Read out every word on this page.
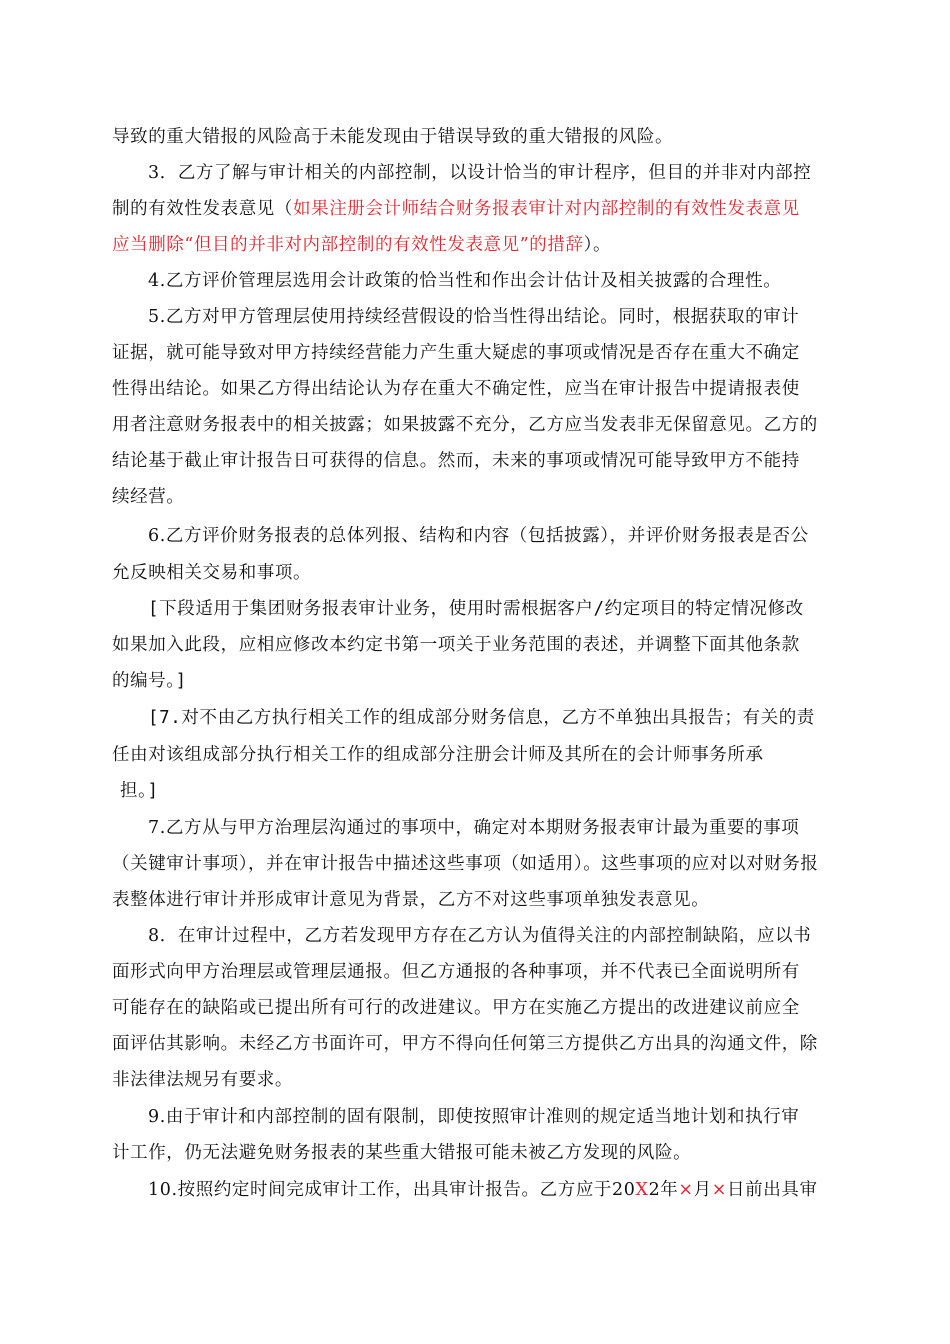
导致的重大错报的风险高于未能发现由于错误导致的重大错报的风险。
3．乙方了解与审计相关的内部控制，以设计恰当的审计程序，但目的并非对内部控
制的有效性发表意见（如果注册会计师结合财务报表审计对内部控制的有效性发表意见
应当删除“但目的并非对内部控制的有效性发表意见”的措辞）。
4.乙方评价管理层选用会计政策的恰当性和作出会计估计及相关披露的合理性。
5.乙方对甲方管理层使用持续经营假设的恰当性得出结论。同时，根据获取的审计
证据，就可能导致对甲方持续经营能力产生重大疑虑的事项或情况是否存在重大不确定
性得出结论。如果乙方得出结论认为存在重大不确定性，应当在审计报告中提请报表使
用者注意财务报表中的相关披露；如果披露不充分，乙方应当发表非无保留意见。乙方的
结论基于截止审计报告日可获得的信息。然而，未来的事项或情况可能导致甲方不能持
续经营。
6.乙方评价财务报表的总体列报、结构和内容（包括披露），并评价财务报表是否公
允反映相关交易和事项。
[下段适用于集团财务报表审计业务，使用时需根据客户/约定项目的特定情况修改
如果加入此段，应相应修改本约定书第一项关于业务范围的表述，并调整下面其他条款
的编号。]
[7.对不由乙方执行相关工作的组成部分财务信息，乙方不单独出具报告；有关的责
任由对该组成部分执行相关工作的组成部分注册会计师及其所在的会计师事务所承
担。]
7.乙方从与甲方治理层沟通过的事项中，确定对本期财务报表审计最为重要的事项
（关键审计事项），并在审计报告中描述这些事项（如适用）。这些事项的应对以对财务报
表整体进行审计并形成审计意见为背景，乙方不对这些事项单独发表意见。
8．在审计过程中，乙方若发现甲方存在乙方认为值得关注的内部控制缺陷，应以书
面形式向甲方治理层或管理层通报。但乙方通报的各种事项，并不代表已全面说明所有
可能存在的缺陷或已提出所有可行的改进建议。甲方在实施乙方提出的改进建议前应全
面评估其影响。未经乙方书面许可，甲方不得向任何第三方提供乙方出具的沟通文件，除
非法律法规另有要求。
9.由于审计和内部控制的固有限制，即使按照审计准则的规定适当地计划和执行审
计工作，仍无法避免财务报表的某些重大错报可能未被乙方发现的风险。
10.按照约定时间完成审计工作，出具审计报告。乙方应于20X2年×月×日前出具审
